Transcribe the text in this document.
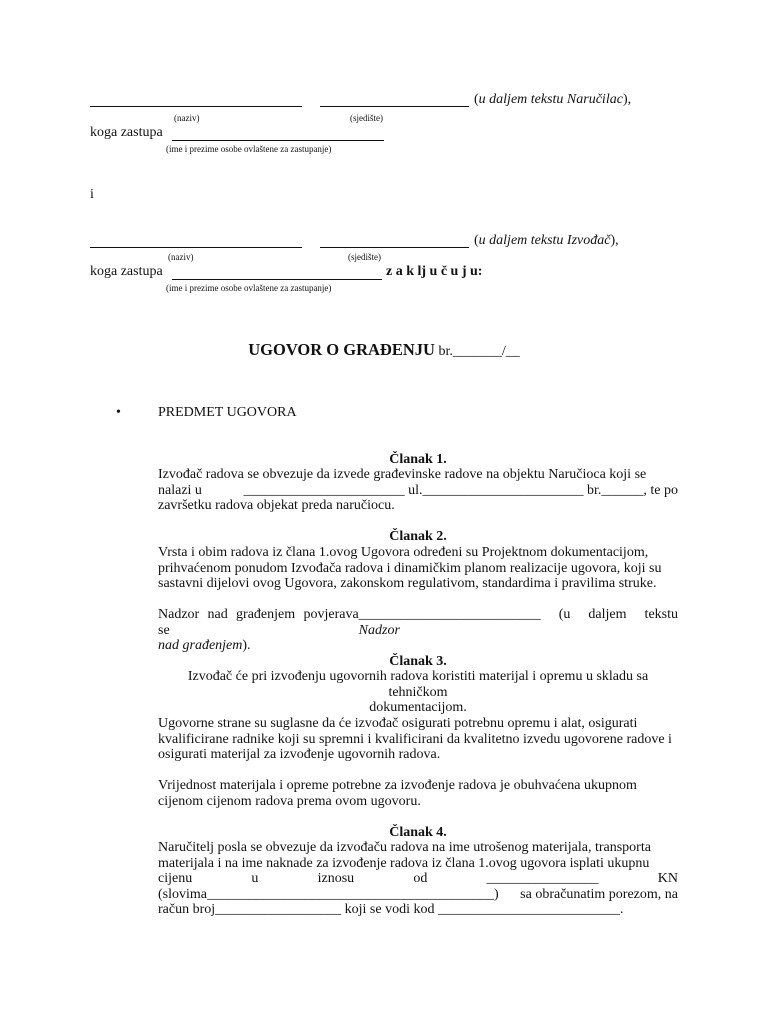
(u daljem tekstu Naručilac),
(naziv)	(sjedište)
koga zastupa
(ime i prezime osobe ovlaštene za zastupanje)
i
(u daljem tekstu Izvođač),
(naziv)	(sjedište)
koga zastupa	z a k lj u č u j u:
(ime i prezime osobe ovlaštene za zastupanje)
UGOVOR O GRAĐENJU br._______/__
•	PREDMET UGOVORA
Članak 1.
Izvođač radova se obvezuje da izvede građevinske radove na objektu Naručioca koji se
nalazi u	_______________________ ul._______________________ br.______, te po
završetku radova objekat preda naručiocu.
Članak 2.
Vrsta i obim radova iz člana 1.ovog Ugovora određeni su Projektnom dokumentacijom,
prihvaćenom ponudom Izvođača radova i dinamičkim planom realizacije ugovora, koji su
sastavni dijelovi ovog Ugovora, zakonskom regulativom, standardima i pravilima struke.
Nadzor nad građenjem povjerava se
__________________________ (u daljem tekstu Nadzor
nad građenjem).
Članak 3.
Izvođač će pri izvođenju ugovornih radova koristiti materijal i opremu u skladu sa tehničkom
dokumentacijom.
Ugovorne strane su suglasne da će izvođač osigurati potrebnu opremu i alat, osigurati
kvalificirane radnike koji su spremni i kvalificirani da kvalitetno izvedu ugovorene radove i
osigurati materijal za izvođenje ugovornih radova.
Vrijednost materijala i opreme potrebne za izvođenje radova je obuhvaćena ukupnom
cijenom cijenom radova prema ovom ugovoru.
Članak 4.
Naručitelj posla se obvezuje da izvođaču radova na ime utrošenog materijala, transporta
materijala i na ime naknade za izvođenje radova iz člana 1.ovog ugovora isplati ukupnu
cijenu	u	iznosu	od	________________	KN
(slovima_________________________________________) sa obračunatim porezom, na
račun broj__________________ koji se vodi kod __________________________.
